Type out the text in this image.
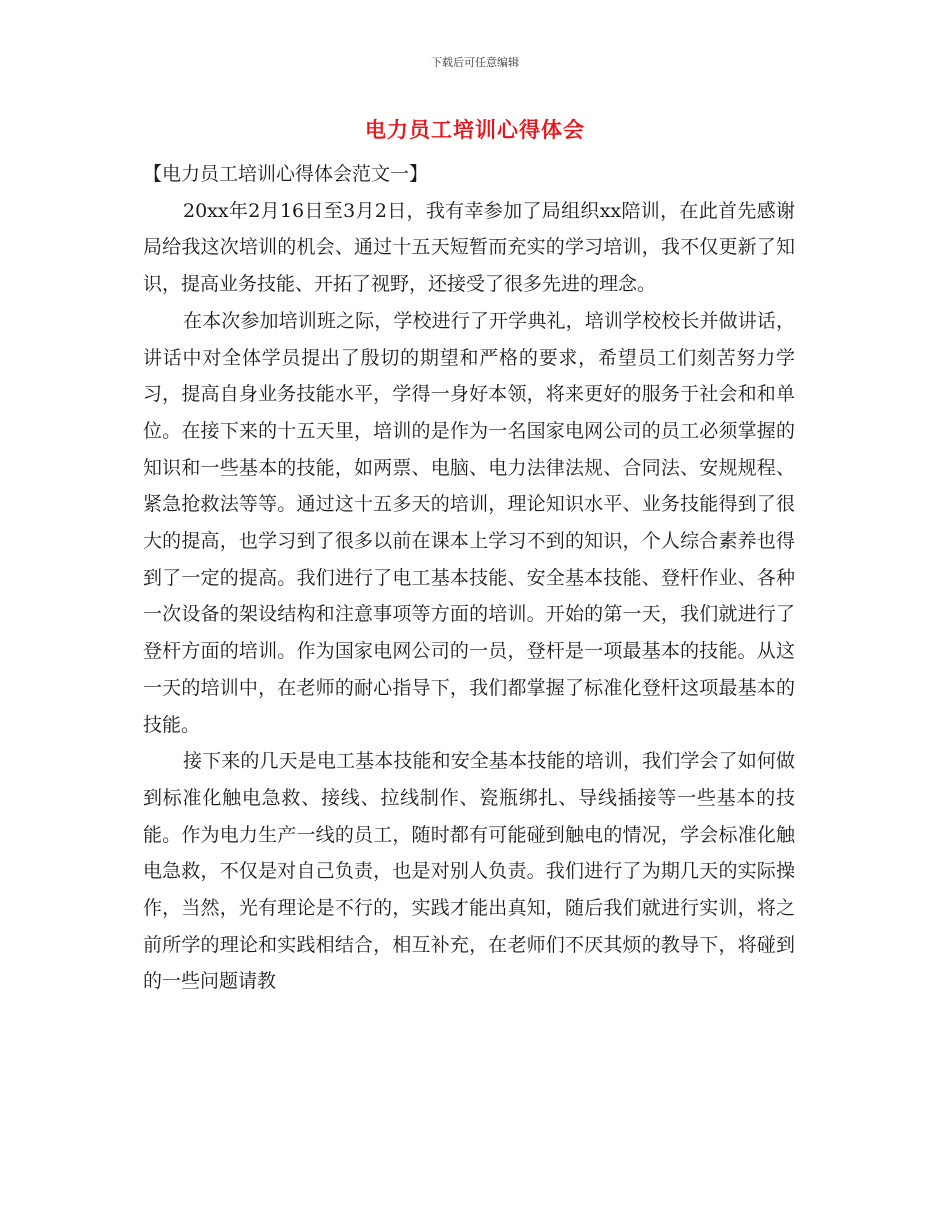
下载后可任意编辑
电力员工培训心得体会

【电力员工培训心得体会范文一】

20xx年2月16日至3月2日，我有幸参加了局组织xx陪训，在此首先感谢局给我这次培训的机会、通过十五天短暂而充实的学习培训，我不仅更新了知识，提高业务技能、开拓了视野，还接受了很多先进的理念。

在本次参加培训班之际，学校进行了开学典礼，培训学校校长并做讲话，讲话中对全体学员提出了殷切的期望和严格的要求，希望员工们刻苦努力学习，提高自身业务技能水平，学得一身好本领，将来更好的服务于社会和和单位。在接下来的十五天里，培训的是作为一名国家电网公司的员工必须掌握的知识和一些基本的技能，如两票、电脑、电力法律法规、合同法、安规规程、紧急抢救法等等。通过这十五多天的培训，理论知识水平、业务技能得到了很大的提高，也学习到了很多以前在课本上学习不到的知识，个人综合素养也得到了一定的提高。我们进行了电工基本技能、安全基本技能、登杆作业、各种一次设备的架设结构和注意事项等方面的培训。开始的第一天，我们就进行了登杆方面的培训。作为国家电网公司的一员，登杆是一项最基本的技能。从这一天的培训中，在老师的耐心指导下，我们都掌握了标准化登杆这项最基本的技能。

接下来的几天是电工基本技能和安全基本技能的培训，我们学会了如何做到标准化触电急救、接线、拉线制作、瓷瓶绑扎、导线插接等一些基本的技能。作为电力生产一线的员工，随时都有可能碰到触电的情况，学会标准化触电急救，不仅是对自己负责，也是对别人负责。我们进行了为期几天的实际操作，当然，光有理论是不行的，实践才能出真知，随后我们就进行实训，将之前所学的理论和实践相结合，相互补充，在老师们不厌其烦的教导下，将碰到的一些问题请教
